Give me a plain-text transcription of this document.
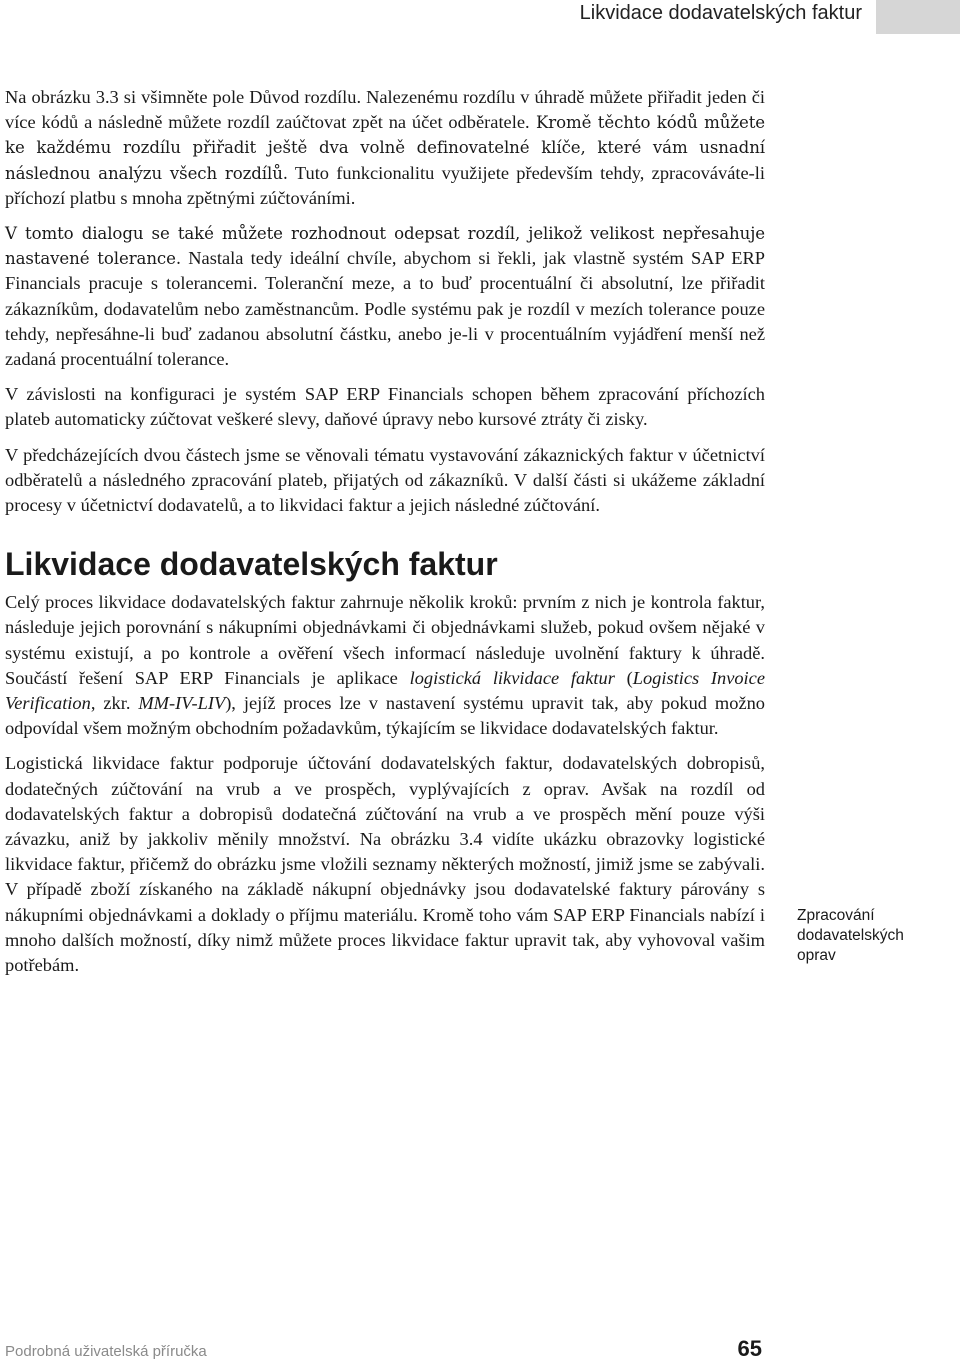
Likvidace dodavatelských faktur

Na obrázku 3.3 si všimněte pole Důvod rozdílu. Nalezenému rozdílu v úhradě můžete přiřadit jeden či více kódů a následně můžete rozdíl zaúčtovat zpět na účet odběratele. Kromě těchto kódů můžete ke každému rozdílu přiřadit ještě dva volně definovatelné klíče, které vám usnadní následnou analýzu všech rozdílů. Tuto funkcionalitu využijete především tehdy, zpracováváte-li příchozí platbu s mnoha zpětnými zúčtováními.

V tomto dialogu se také můžete rozhodnout odepsat rozdíl, jelikož velikost nepřesahuje nastavené tolerance. Nastala tedy ideální chvíle, abychom si řekli, jak vlastně systém SAP ERP Financials pracuje s tolerancemi. Toleranční meze, a to buď procentuální či absolutní, lze přiřadit zákazníkům, dodavatelům nebo zaměstnancům. Podle systému pak je rozdíl v mezích tolerance pouze tehdy, nepřesáhne-li buď zadanou absolutní částku, anebo je-li v procentuálním vyjádření menší než zadaná procentuální tolerance.

V závislosti na konfiguraci je systém SAP ERP Financials schopen během zpracování příchozích plateb automaticky zúčtovat veškeré slevy, daňové úpravy nebo kursové ztráty či zisky.

V předcházejících dvou částech jsme se věnovali tématu vystavování zákaznických faktur v účetnictví odběratelů a následného zpracování plateb, přijatých od zákazníků. V další části si ukážeme základní procesy v účetnictví dodavatelů, a to likvidaci faktur a jejich následné zúčtování.

Likvidace dodavatelských faktur

Celý proces likvidace dodavatelských faktur zahrnuje několik kroků: prvním z nich je kontrola faktur, následuje jejich porovnání s nákupními objednávkami či objednávkami služeb, pokud ovšem nějaké v systému existují, a po kontrole a ověření všech informací následuje uvolnění faktury k úhradě. Součástí řešení SAP ERP Financials je aplikace logistická likvidace faktur (Logistics Invoice Verification, zkr. MM-IV-LIV), jejíž proces lze v nastavení systému upravit tak, aby pokud možno odpovídal všem možným obchodním požadavkům, týkajícím se likvidace dodavatelských faktur.

Logistická likvidace faktur podporuje účtování dodavatelských faktur, dodavatelských dobropisů, dodatečných zúčtování na vrub a ve prospěch, vyplývajících z oprav. Avšak na rozdíl od dodavatelských faktur a dobropisů dodatečná zúčtování na vrub a ve prospěch mění pouze výši závazku, aniž by jakkoliv měnily množství. Na obrázku 3.4 vidíte ukázku obrazovky logistické likvidace faktur, přičemž do obrázku jsme vložili seznamy některých možností, jimiž jsme se zabývali. V případě zboží získaného na základě nákupní objednávky jsou dodavatelské faktury párovány s nákupními objednávkami a doklady o příjmu materiálu. Kromě toho vám SAP ERP Financials nabízí i mnoho dalších možností, díky nimž můžete proces likvidace faktur upravit tak, aby vyhovoval vašim potřebám.

Zpracování dodavatelských oprav
Podrobná uživatelská příručka	65
